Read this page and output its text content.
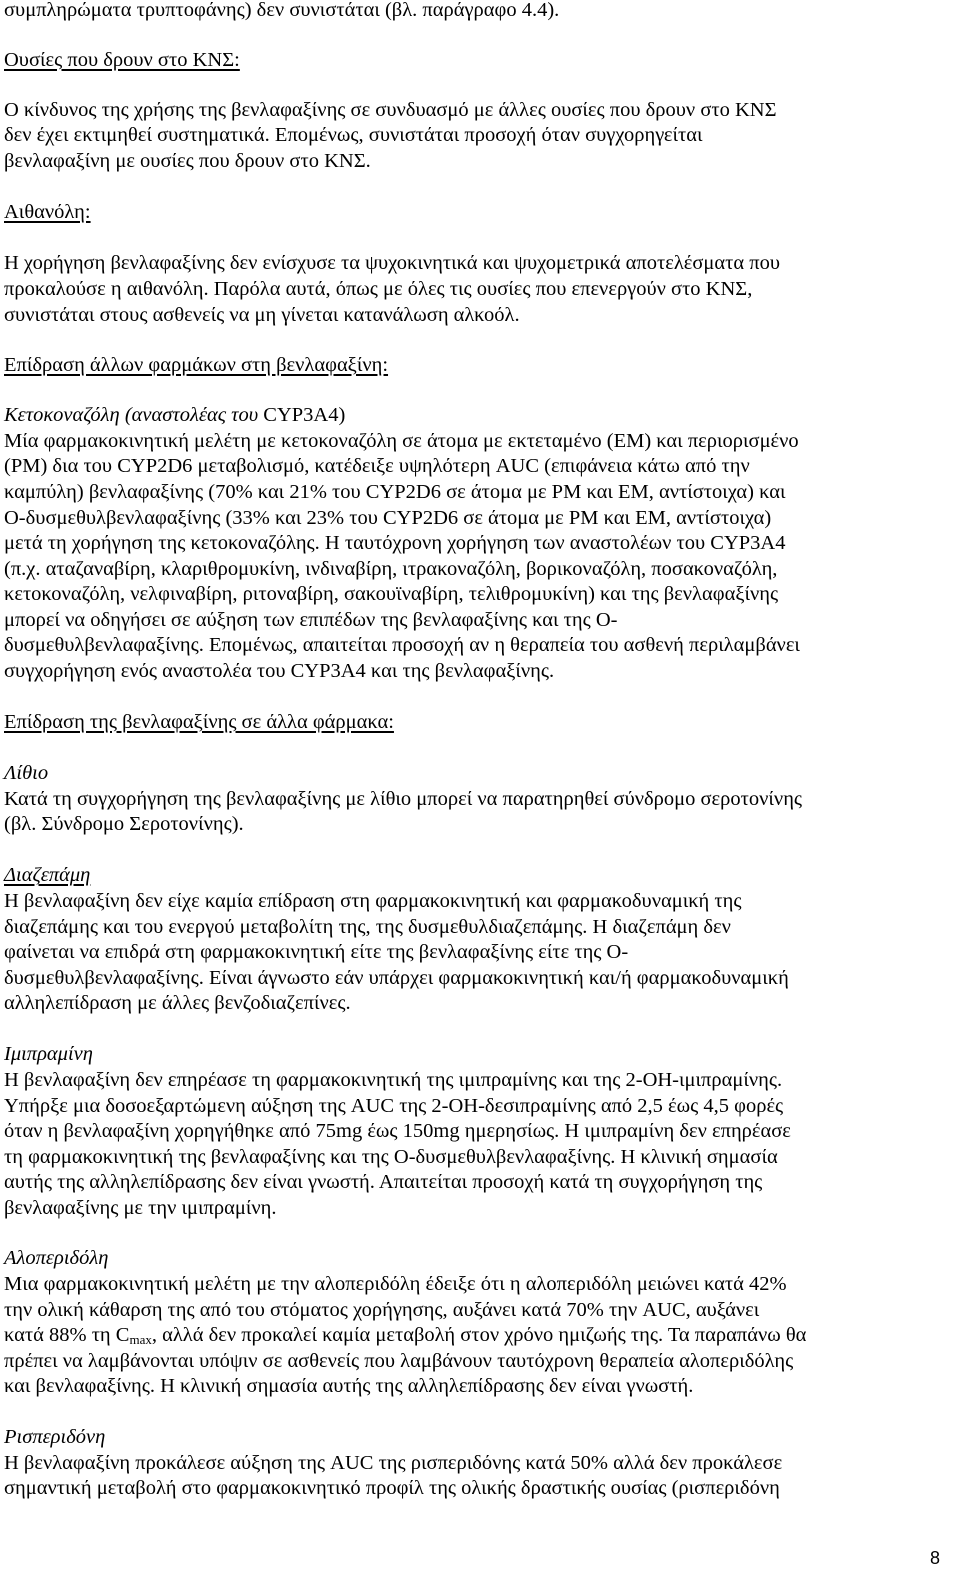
συμπληρώματα τρυπτοφάνης) δεν συνιστάται (βλ. παράγραφο 4.4).
Ουσίες που δρουν στο ΚΝΣ:
Ο κίνδυνος της χρήσης της βενλαφαξίνης σε συνδυασμό με άλλες ουσίες που δρουν στο ΚΝΣ
δεν έχει εκτιμηθεί συστηματικά. Επομένως, συνιστάται προσοχή όταν συγχορηγείται
βενλαφαξίνη με ουσίες που δρουν στο ΚΝΣ.
Αιθανόλη:
Η χορήγηση βενλαφαξίνης δεν ενίσχυσε τα ψυχοκινητικά και ψυχομετρικά αποτελέσματα που
προκαλούσε η αιθανόλη. Παρόλα αυτά, όπως με όλες τις ουσίες που επενεργούν στο ΚΝΣ,
συνιστάται στους ασθενείς να μη γίνεται κατανάλωση αλκοόλ.
Επίδραση άλλων φαρμάκων στη βενλαφαξίνη:
Κετοκοναζόλη (αναστολέας του CYP3A4)
Μία φαρμακοκινητική μελέτη με κετοκοναζόλη σε άτομα με εκτεταμένο (ΕΜ) και περιορισμένο
(PM) δια του CYP2D6 μεταβολισμό, κατέδειξε υψηλότερη AUC (επιφάνεια κάτω από την
καμπύλη) βενλαφαξίνης (70% και 21% του CYP2D6 σε άτομα με PM και EM, αντίστοιχα) και
Ο-δυσμεθυλβενλαφαξίνης (33% και 23% του CYP2D6 σε άτομα με PM και EM, αντίστοιχα)
μετά τη χορήγηση της κετοκοναζόλης. Η ταυτόχρονη χορήγηση των αναστολέων του CYP3A4
(π.χ. αταζαναβίρη, κλαριθρομυκίνη, ινδιναβίρη, ιτρακοναζόλη, βορικοναζόλη, ποσακοναζόλη,
κετοκοναζόλη, νελφιναβίρη, ριτοναβίρη, σακουϊναβίρη, τελιθρομυκίνη) και της βενλαφαξίνης
μπορεί να οδηγήσει σε αύξηση των επιπέδων της βενλαφαξίνης και της Ο-
δυσμεθυλβενλαφαξίνης. Επομένως, απαιτείται προσοχή αν η θεραπεία του ασθενή περιλαμβάνει
συγχορήγηση ενός αναστολέα του CYP3A4 και της βενλαφαξίνης.
Επίδραση της βενλαφαξίνης σε άλλα φάρμακα:
Λίθιο
Κατά τη συγχορήγηση της βενλαφαξίνης με λίθιο μπορεί να παρατηρηθεί σύνδρομο σεροτονίνης
(βλ. Σύνδρομο Σεροτονίνης).
Διαζεπάμη
Η βενλαφαξίνη δεν είχε καμία επίδραση στη φαρμακοκινητική και φαρμακοδυναμική της
διαζεπάμης και του ενεργού μεταβολίτη της, της δυσμεθυλδιαζεπάμης. Η διαζεπάμη δεν
φαίνεται να επιδρά στη φαρμακοκινητική είτε της βενλαφαξίνης είτε της Ο-
δυσμεθυλβενλαφαξίνης. Είναι άγνωστο εάν υπάρχει φαρμακοκινητική και/ή φαρμακοδυναμική
αλληλεπίδραση με άλλες βενζοδιαζεπίνες.
Ιμιπραμίνη
Η βενλαφαξίνη δεν επηρέασε τη φαρμακοκινητική της ιμιπραμίνης και της 2-ΟΗ-ιμιπραμίνης.
Υπήρξε μια δοσοεξαρτώμενη αύξηση της AUC της 2-ΟΗ-δεσιπραμίνης από 2,5 έως 4,5 φορές
όταν η βενλαφαξίνη χορηγήθηκε από 75mg έως 150mg ημερησίως. Η ιμιπραμίνη δεν επηρέασε
τη φαρμακοκινητική της βενλαφαξίνης και της Ο-δυσμεθυλβενλαφαξίνης. Η κλινική σημασία
αυτής της αλληλεπίδρασης δεν είναι γνωστή. Απαιτείται προσοχή κατά τη συγχορήγηση της
βενλαφαξίνης με την ιμιπραμίνη.
Αλοπεριδόλη
Μια φαρμακοκινητική μελέτη με την αλοπεριδόλη έδειξε ότι η αλοπεριδόλη μειώνει κατά 42%
την ολική κάθαρση της από του στόματος χορήγησης, αυξάνει κατά 70% την AUC, αυξάνει
κατά 88% τη $C_{max}$, αλλά δεν προκαλεί καμία μεταβολή στον χρόνο ημιζωής της. Τα παραπάνω θα
πρέπει να λαμβάνονται υπόψιν σε ασθενείς που λαμβάνουν ταυτόχρονη θεραπεία αλοπεριδόλης
και βενλαφαξίνης. Η κλινική σημασία αυτής της αλληλεπίδρασης δεν είναι γνωστή.
Ρισπεριδόνη
Η βενλαφαξίνη προκάλεσε αύξηση της AUC της ρισπεριδόνης κατά 50% αλλά δεν προκάλεσε
σημαντική μεταβολή στο φαρμακοκινητικό προφίλ της ολικής δραστικής ουσίας (ρισπεριδόνη
8
